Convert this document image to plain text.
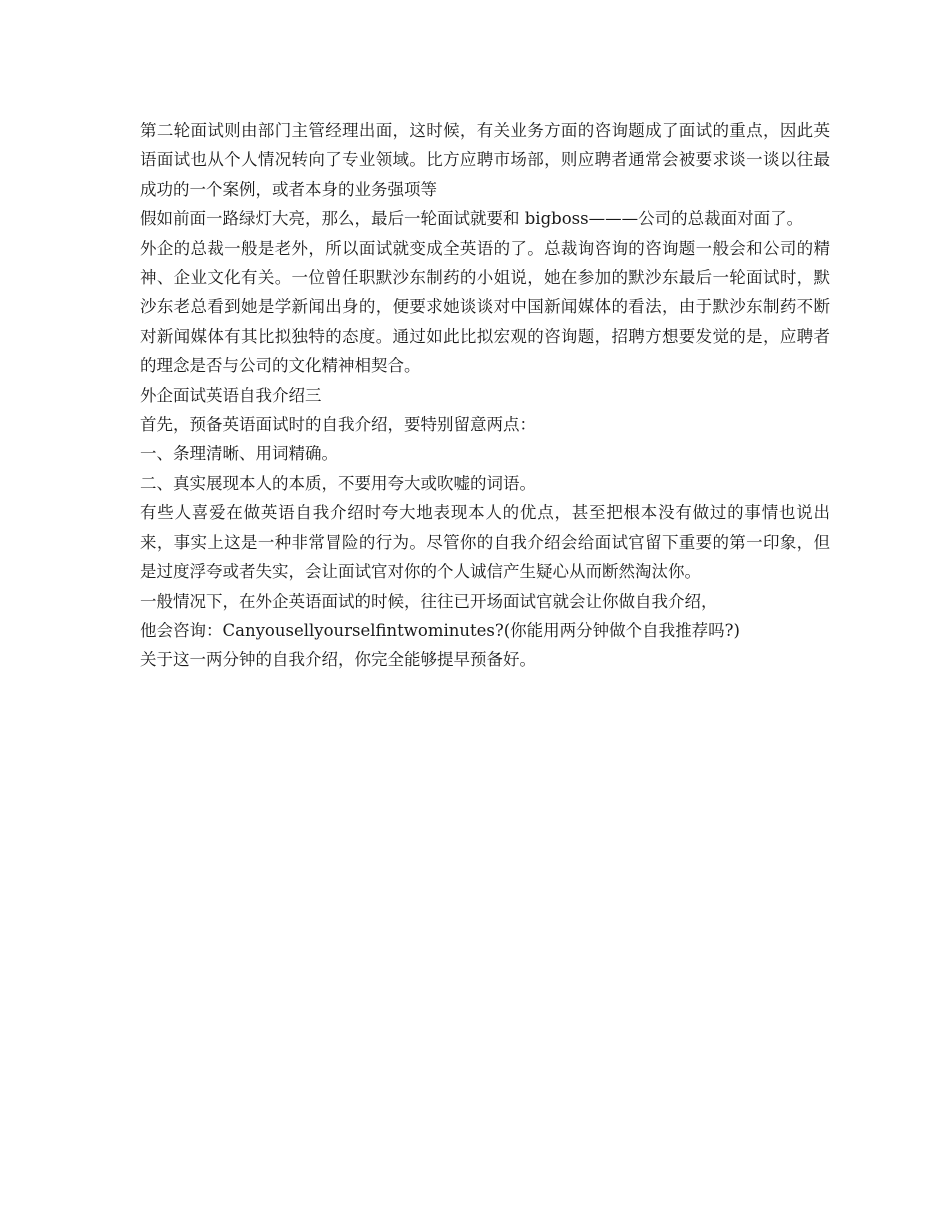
第二轮面试则由部门主管经理出面，这时候，有关业务方面的咨询题成了面试的重点，因此英语面试也从个人情况转向了专业领域。比方应聘市场部，则应聘者通常会被要求谈一谈以往最成功的一个案例，或者本身的业务强项等

假如前面一路绿灯大亮，那么，最后一轮面试就要和 bigboss———公司的总裁面对面了。

外企的总裁一般是老外，所以面试就变成全英语的了。总裁询咨询的咨询题一般会和公司的精神、企业文化有关。一位曾任职默沙东制药的小姐说，她在参加的默沙东最后一轮面试时，默沙东老总看到她是学新闻出身的，便要求她谈谈对中国新闻媒体的看法，由于默沙东制药不断对新闻媒体有其比拟独特的态度。通过如此比拟宏观的咨询题，招聘方想要发觉的是，应聘者的理念是否与公司的文化精神相契合。

外企面试英语自我介绍三

首先，预备英语面试时的自我介绍，要特别留意两点：

一、条理清晰、用词精确。

二、真实展现本人的本质，不要用夸大或吹嘘的词语。

有些人喜爱在做英语自我介绍时夸大地表现本人的优点，甚至把根本没有做过的事情也说出来，事实上这是一种非常冒险的行为。尽管你的自我介绍会给面试官留下重要的第一印象，但是过度浮夸或者失实，会让面试官对你的个人诚信产生疑心从而断然淘汰你。

一般情况下，在外企英语面试的时候，往往已开场面试官就会让你做自我介绍，

他会咨询：Canyousellyourselfintwominutes?(你能用两分钟做个自我推荐吗?)

关于这一两分钟的自我介绍，你完全能够提早预备好。
